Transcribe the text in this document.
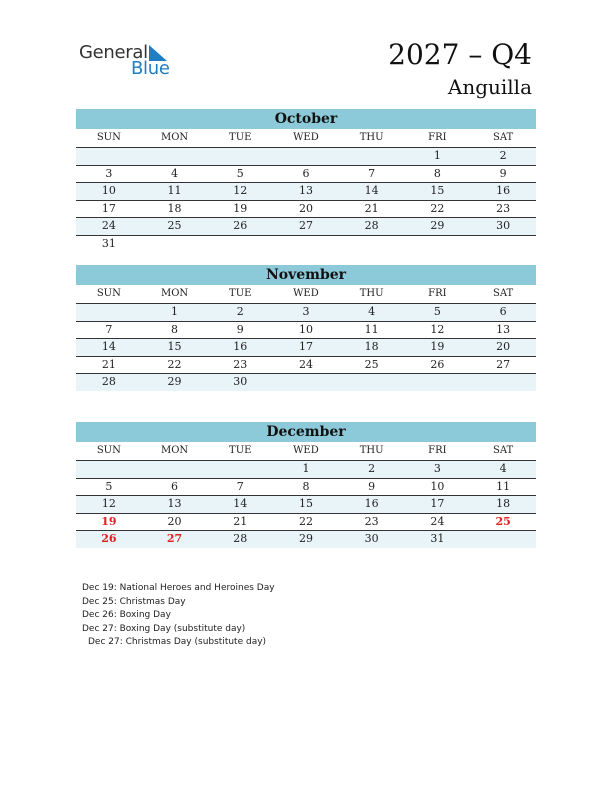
General
Blue	2027 – Q4
Anguilla
October
SUN	MON	TUE	WED	THU	FRI	SAT
					1	2
3	4	5	6	7	8	9
10	11	12	13	14	15	16
17	18	19	20	21	22	23
24	25	26	27	28	29	30
31						
November
SUN	MON	TUE	WED	THU	FRI	SAT
	1	2	3	4	5	6
7	8	9	10	11	12	13
14	15	16	17	18	19	20
21	22	23	24	25	26	27
28	29	30				
December
SUN	MON	TUE	WED	THU	FRI	SAT
			1	2	3	4
5	6	7	8	9	10	11
12	13	14	15	16	17	18
19	20	21	22	23	24	25
26	27	28	29	30	31	
Dec 19: National Heroes and Heroines Day
Dec 25: Christmas Day
Dec 26: Boxing Day
Dec 27: Boxing Day (substitute day)
Dec 27: Christmas Day (substitute day)
